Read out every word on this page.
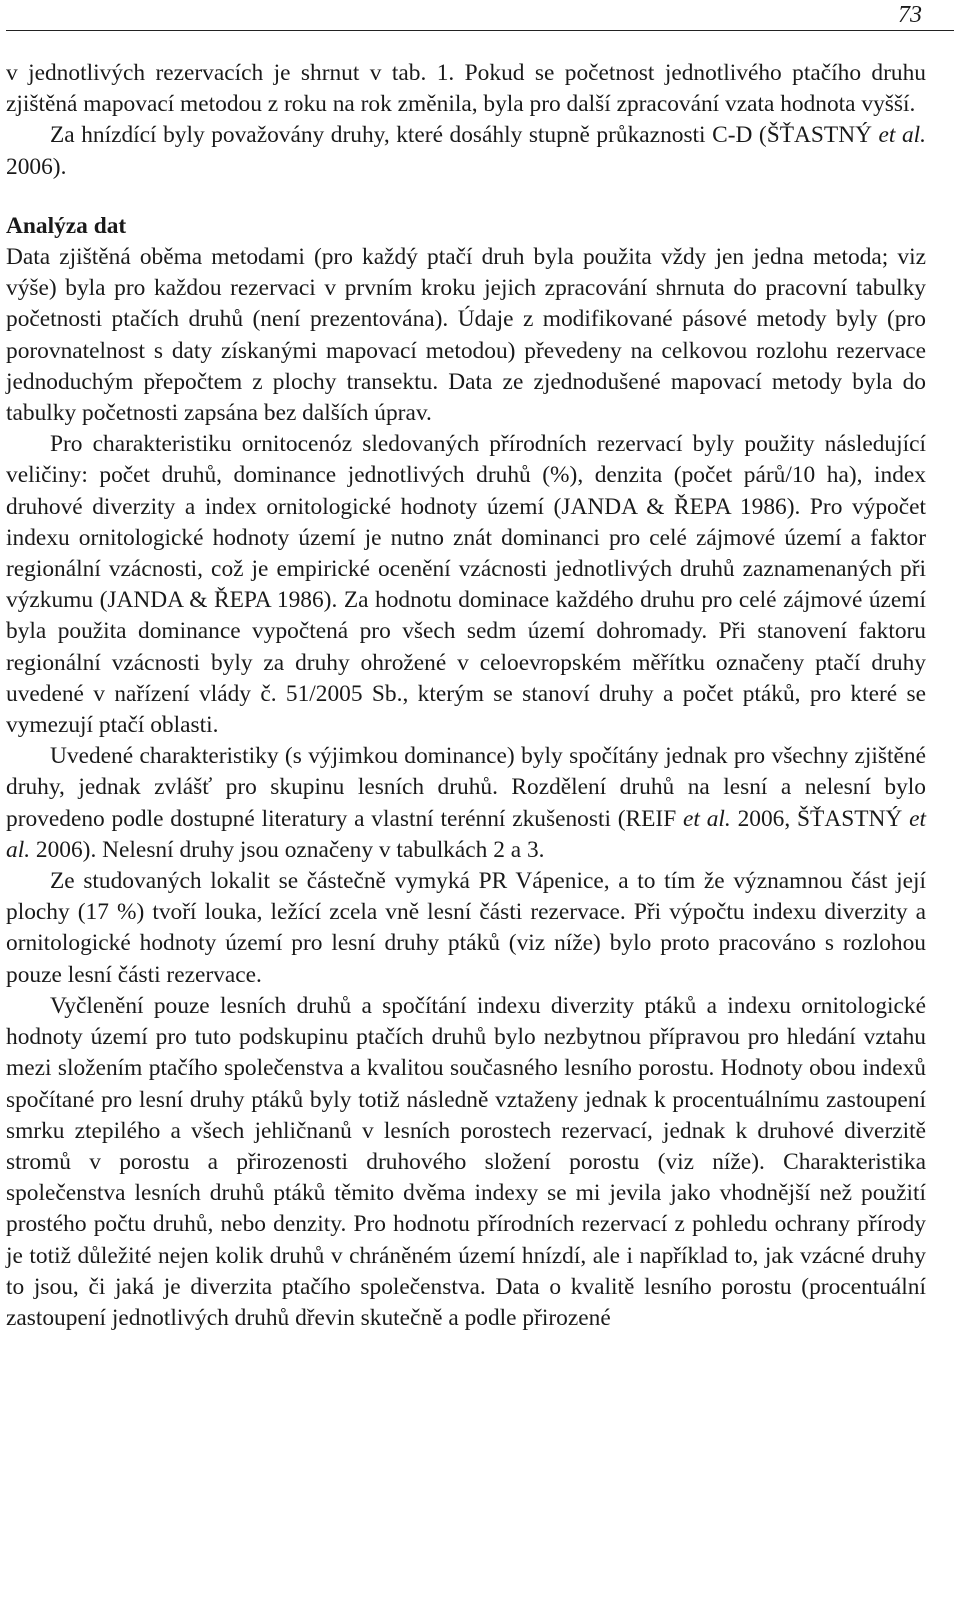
73

v jednotlivých rezervacích je shrnut v tab. 1. Pokud se početnost jednotlivého ptačího druhu zjištěná mapovací metodou z roku na rok změnila, byla pro další zpracování vzata hodnota vyšší.

Za hnízdící byly považovány druhy, které dosáhly stupně průkaznosti C-D (ŠŤASTNÝ et al. 2006).

Analýza dat

Data zjištěná oběma metodami (pro každý ptačí druh byla použita vždy jen jedna metoda; viz výše) byla pro každou rezervaci v prvním kroku jejich zpracování shrnuta do pracovní tabulky početnosti ptačích druhů (není prezentována). Údaje z modifikované pásové metody byly (pro porovnatelnost s daty získanými mapovací metodou) převedeny na celkovou rozlohu rezervace jednoduchým přepočtem z plochy transektu. Data ze zjednodušené mapovací metody byla do tabulky početnosti zapsána bez dalších úprav.

Pro charakteristiku ornitocenóz sledovaných přírodních rezervací byly použity následující veličiny: počet druhů, dominance jednotlivých druhů (%), denzita (počet párů/10 ha), index druhové diverzity a index ornitologické hodnoty území (JANDA & ŘEPA 1986). Pro výpočet indexu ornitologické hodnoty území je nutno znát dominanci pro celé zájmové území a faktor regionální vzácnosti, což je empirické ocenění vzácnosti jednotlivých druhů zaznamenaných při výzkumu (JANDA & ŘEPA 1986). Za hodnotu dominace každého druhu pro celé zájmové území byla použita dominance vypočtená pro všech sedm území dohromady. Při stanovení faktoru regionální vzácnosti byly za druhy ohrožené v celoevropském měřítku označeny ptačí druhy uvedené v nařízení vlády č. 51/2005 Sb., kterým se stanoví druhy a počet ptáků, pro které se vymezují ptačí oblasti.

Uvedené charakteristiky (s výjimkou dominance) byly spočítány jednak pro všechny zjištěné druhy, jednak zvlášť pro skupinu lesních druhů. Rozdělení druhů na lesní a nelesní bylo provedeno podle dostupné literatury a vlastní terénní zkušenosti (REIF et al. 2006, ŠŤASTNÝ et al. 2006). Nelesní druhy jsou označeny v tabulkách 2 a 3.

Ze studovaných lokalit se částečně vymyká PR Vápenice, a to tím že významnou část její plochy (17 %) tvoří louka, ležící zcela vně lesní části rezervace. Při výpočtu indexu diverzity a ornitologické hodnoty území pro lesní druhy ptáků (viz níže) bylo proto pracováno s rozlohou pouze lesní části rezervace.

Vyčlenění pouze lesních druhů a spočítání indexu diverzity ptáků a indexu ornitologické hodnoty území pro tuto podskupinu ptačích druhů bylo nezbytnou přípravou pro hledání vztahu mezi složením ptačího společenstva a kvalitou současného lesního porostu. Hodnoty obou indexů spočítané pro lesní druhy ptáků byly totiž následně vztaženy jednak k procentuálnímu zastoupení smrku ztepilého a všech jehličnanů v lesních porostech rezervací, jednak k druhové diverzitě stromů v porostu a přirozenosti druhového složení porostu (viz níže). Charakteristika společenstva lesních druhů ptáků těmito dvěma indexy se mi jevila jako vhodnější než použití prostého počtu druhů, nebo denzity. Pro hodnotu přírodních rezervací z pohledu ochrany přírody je totiž důležité nejen kolik druhů v chráněném území hnízdí, ale i například to, jak vzácné druhy to jsou, či jaká je diverzita ptačího společenstva. Data o kvalitě lesního porostu (procentuální zastoupení jednotlivých druhů dřevin skutečně a podle přirozené
